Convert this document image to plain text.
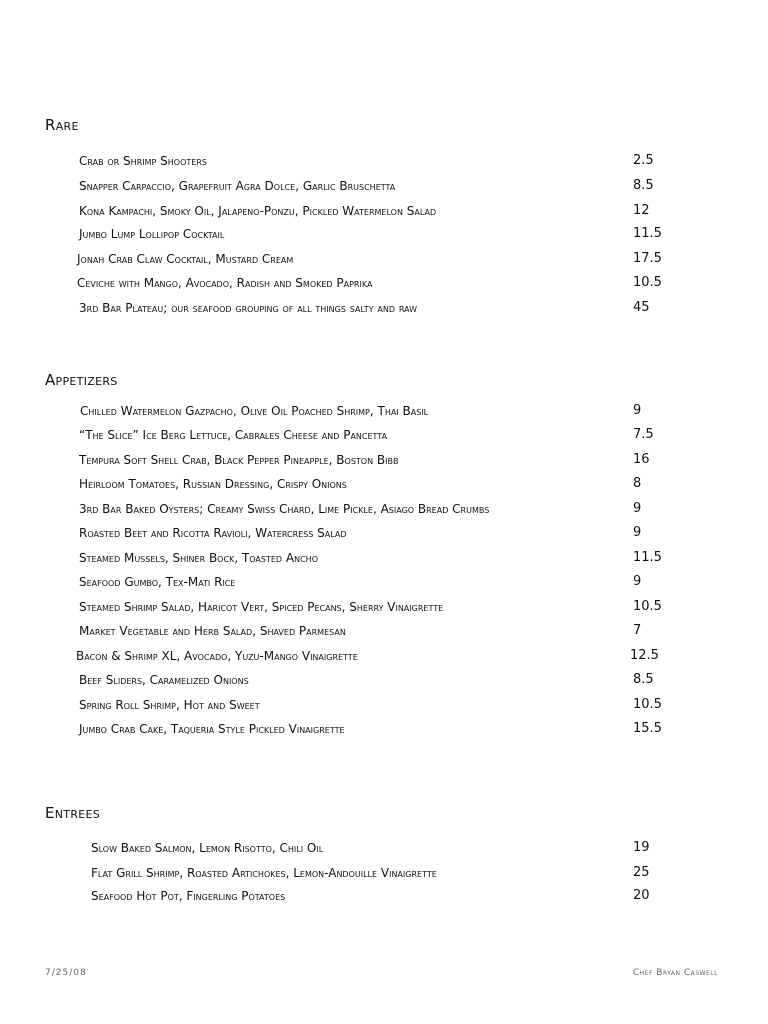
Rare
Crab or Shrimp Shooters	2.5
Snapper Carpaccio, Grapefruit Agra Dolce, Garlic Bruschetta	8.5
Kona Kampachi, Smoky Oil, Jalapeno-Ponzu, Pickled Watermelon Salad	12
Jumbo Lump Lollipop Cocktail	11.5
Jonah Crab Claw Cocktail, Mustard Cream	17.5
Ceviche with Mango, Avocado, Radish and Smoked Paprika	10.5
3rd Bar Plateau; our seafood grouping of all things salty and raw	45
Appetizers
Chilled Watermelon Gazpacho, Olive Oil Poached Shrimp, Thai Basil	9
“The Slice” Ice Berg Lettuce, Cabrales Cheese and Pancetta	7.5
Tempura Soft Shell Crab, Black Pepper Pineapple, Boston Bibb	16
Heirloom Tomatoes, Russian Dressing, Crispy Onions	8
3rd Bar Baked Oysters; Creamy Swiss Chard, Lime Pickle, Asiago Bread Crumbs	9
Roasted Beet and Ricotta Ravioli, Watercress Salad	9
Steamed Mussels, Shiner Bock, Toasted Ancho	11.5
Seafood Gumbo, Tex-Mati Rice	9
Steamed Shrimp Salad, Haricot Vert, Spiced Pecans, Sherry Vinaigrette	10.5
Market Vegetable and Herb Salad, Shaved Parmesan	7
Bacon & Shrimp XL, Avocado, Yuzu-Mango Vinaigrette	12.5
Beef Sliders, Caramelized Onions	8.5
Spring Roll Shrimp, Hot and Sweet	10.5
Jumbo Crab Cake, Taqueria Style Pickled Vinaigrette	15.5
Entrees
Slow Baked Salmon, Lemon Risotto, Chili Oil	19
Flat Grill Shrimp, Roasted Artichokes, Lemon-Andouille Vinaigrette	25
Seafood Hot Pot, Fingerling Potatoes	20
7/25/08	Chef Bryan Caswell
